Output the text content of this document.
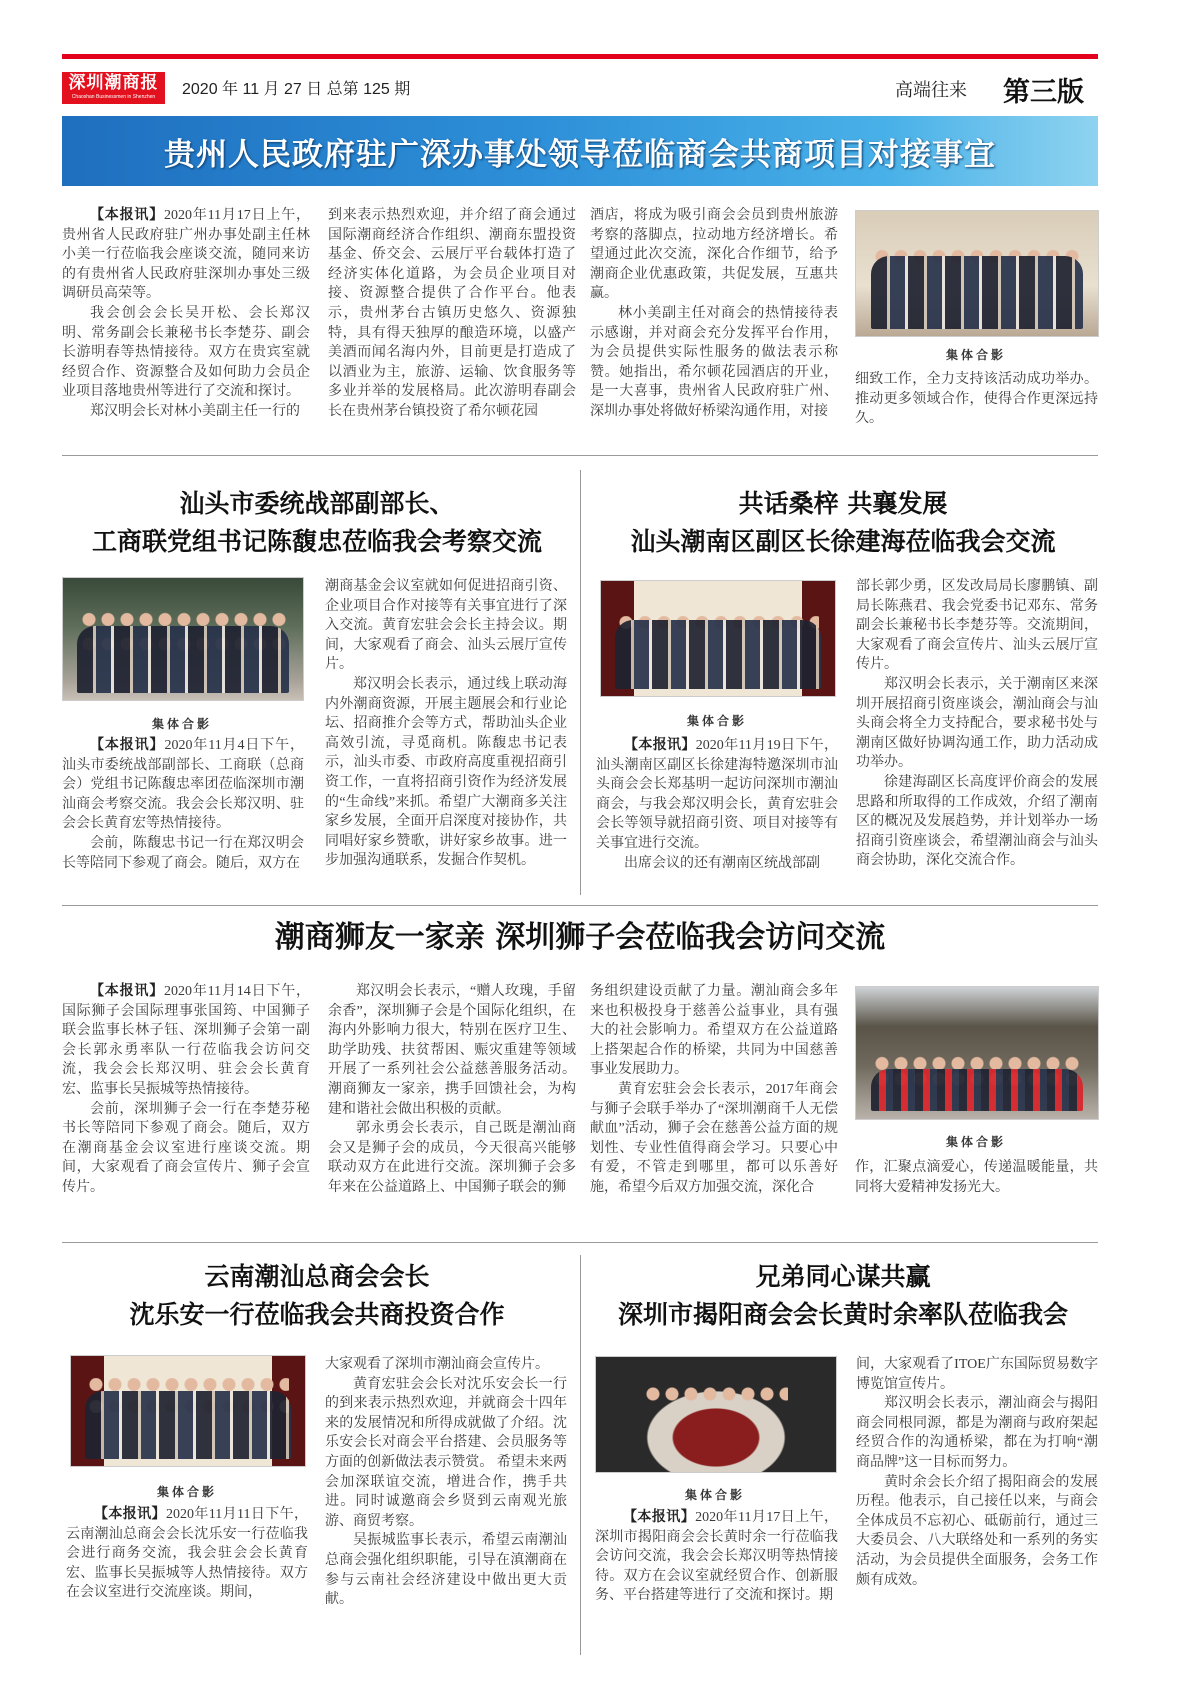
深圳潮商报
Chaoshan Businessmen in Shenzhen	2020 年 11 月 27 日 总第 125 期	高端往来 第三版
贵州人民政府驻广深办事处领导莅临商会共商项目对接事宜

【本报讯】2020年11月17日上午，贵州省人民政府驻广州办事处副主任林小美一行莅临我会座谈交流，随同来访的有贵州省人民政府驻深圳办事处三级调研员高荣等。

我会创会会长吴开松、会长郑汉明、常务副会长兼秘书长李楚芬、副会长游明春等热情接待。双方在贵宾室就经贸合作、资源整合及如何助力会员企业项目落地贵州等进行了交流和探讨。

郑汉明会长对林小美副主任一行的

到来表示热烈欢迎，并介绍了商会通过国际潮商经济合作组织、潮商东盟投资基金、侨交会、云展厅平台载体打造了经济实体化道路，为会员企业项目对接、资源整合提供了合作平台。他表示，贵州茅台古镇历史悠久、资源独特，具有得天独厚的酿造环境，以盛产美酒而闻名海内外，目前更是打造成了以酒业为主，旅游、运输、饮食服务等多业并举的发展格局。此次游明春副会长在贵州茅台镇投资了希尔顿花园

酒店，将成为吸引商会会员到贵州旅游考察的落脚点，拉动地方经济增长。希望通过此次交流，深化合作细节，给予潮商企业优惠政策，共促发展，互惠共赢。

林小美副主任对商会的热情接待表示感谢，并对商会充分发挥平台作用，为会员提供实际性服务的做法表示称赞。她指出，希尔顿花园酒店的开业，是一大喜事，贵州省人民政府驻广州、深圳办事处将做好桥梁沟通作用，对接

集体合影

细致工作，全力支持该活动成功举办。推动更多领域合作，使得合作更深远持久。

汕头市委统战部副部长、
工商联党组书记陈馥忠莅临我会考察交流
集体合影

【本报讯】2020年11月4日下午，汕头市委统战部副部长、工商联（总商会）党组书记陈馥忠率团莅临深圳市潮汕商会考察交流。我会会长郑汉明、驻会会长黄育宏等热情接待。

会前，陈馥忠书记一行在郑汉明会长等陪同下参观了商会。随后，双方在

潮商基金会议室就如何促进招商引资、企业项目合作对接等有关事宜进行了深入交流。黄育宏驻会会长主持会议。期间，大家观看了商会、汕头云展厅宣传片。

郑汉明会长表示，通过线上联动海内外潮商资源，开展主题展会和行业论坛、招商推介会等方式，帮助汕头企业高效引流，寻觅商机。陈馥忠书记表示，汕头市委、市政府高度重视招商引资工作，一直将招商引资作为经济发展的“生命线”来抓。希望广大潮商多关注家乡发展，全面开启深度对接协作，共同唱好家乡赞歌，讲好家乡故事。进一步加强沟通联系，发掘合作契机。

共话桑梓 共襄发展
汕头潮南区副区长徐建海莅临我会交流
集体合影

【本报讯】2020年11月19日下午，汕头潮南区副区长徐建海特邀深圳市汕头商会会长郑基明一起访问深圳市潮汕商会，与我会郑汉明会长，黄育宏驻会会长等领导就招商引资、项目对接等有关事宜进行交流。

出席会议的还有潮南区统战部副

部长郭少勇，区发改局局长廖鹏镇、副局长陈燕君、我会党委书记邓东、常务副会长兼秘书长李楚芬等。交流期间，大家观看了商会宣传片、汕头云展厅宣传片。

郑汉明会长表示，关于潮南区来深圳开展招商引资座谈会，潮汕商会与汕头商会将全力支持配合，要求秘书处与潮南区做好协调沟通工作，助力活动成功举办。

徐建海副区长高度评价商会的发展思路和所取得的工作成效，介绍了潮南区的概况及发展趋势，并计划举办一场招商引资座谈会，希望潮汕商会与汕头商会协助，深化交流合作。

潮商狮友一家亲 深圳狮子会莅临我会访问交流

【本报讯】2020年11月14日下午，国际狮子会国际理事张国筠、中国狮子联会监事长林子钰、深圳狮子会第一副会长郭永勇率队一行莅临我会访问交流，我会会长郑汉明、驻会会长黄育宏、监事长吴振城等热情接待。

会前，深圳狮子会一行在李楚芬秘书长等陪同下参观了商会。随后，双方在潮商基金会议室进行座谈交流。期间，大家观看了商会宣传片、狮子会宣传片。

郑汉明会长表示，“赠人玫瑰，手留余香”，深圳狮子会是个国际化组织，在海内外影响力很大，特别在医疗卫生、助学助残、扶贫帮困、赈灾重建等领域开展了一系列社会公益慈善服务活动。潮商狮友一家亲，携手回馈社会，为构建和谐社会做出积极的贡献。

郭永勇会长表示，自己既是潮汕商会又是狮子会的成员，今天很高兴能够联动双方在此进行交流。深圳狮子会多年来在公益道路上、中国狮子联会的狮

务组织建设贡献了力量。潮汕商会多年来也积极投身于慈善公益事业，具有强大的社会影响力。希望双方在公益道路上搭架起合作的桥梁，共同为中国慈善事业发展助力。

黄育宏驻会会长表示，2017年商会与狮子会联手举办了“深圳潮商千人无偿献血”活动，狮子会在慈善公益方面的规划性、专业性值得商会学习。只要心中有爱，不管走到哪里，都可以乐善好施，希望今后双方加强交流，深化合

集体合影

作，汇聚点滴爱心，传递温暖能量，共同将大爱精神发扬光大。

云南潮汕总商会会长
沈乐安一行莅临我会共商投资合作
集体合影

【本报讯】2020年11月11日下午，云南潮汕总商会会长沈乐安一行莅临我会进行商务交流，我会驻会会长黄育宏、监事长吴振城等人热情接待。双方在会议室进行交流座谈。期间，

大家观看了深圳市潮汕商会宣传片。

黄育宏驻会会长对沈乐安会长一行的到来表示热烈欢迎，并就商会十四年来的发展情况和所得成就做了介绍。沈乐安会长对商会平台搭建、会员服务等方面的创新做法表示赞赏。 希望未来两会加深联谊交流，增进合作，携手共进。同时诚邀商会乡贤到云南观光旅游、商贸考察。

吴振城监事长表示，希望云南潮汕总商会强化组织职能，引导在滇潮商在参与云南社会经济建设中做出更大贡献。

兄弟同心谋共赢
深圳市揭阳商会会长黄时余率队莅临我会
集体合影

【本报讯】2020年11月17日上午，深圳市揭阳商会会长黄时余一行莅临我会访问交流，我会会长郑汉明等热情接待。双方在会议室就经贸合作、创新服务、平台搭建等进行了交流和探讨。期

间，大家观看了ITOE广东国际贸易数字博览馆宣传片。

郑汉明会长表示，潮汕商会与揭阳商会同根同源，都是为潮商与政府架起经贸合作的沟通桥梁，都在为打响“潮商品牌”这一目标而努力。

黄时余会长介绍了揭阳商会的发展历程。他表示，自己接任以来，与商会全体成员不忘初心、砥砺前行，通过三大委员会、八大联络处和一系列的务实活动，为会员提供全面服务，会务工作颇有成效。
